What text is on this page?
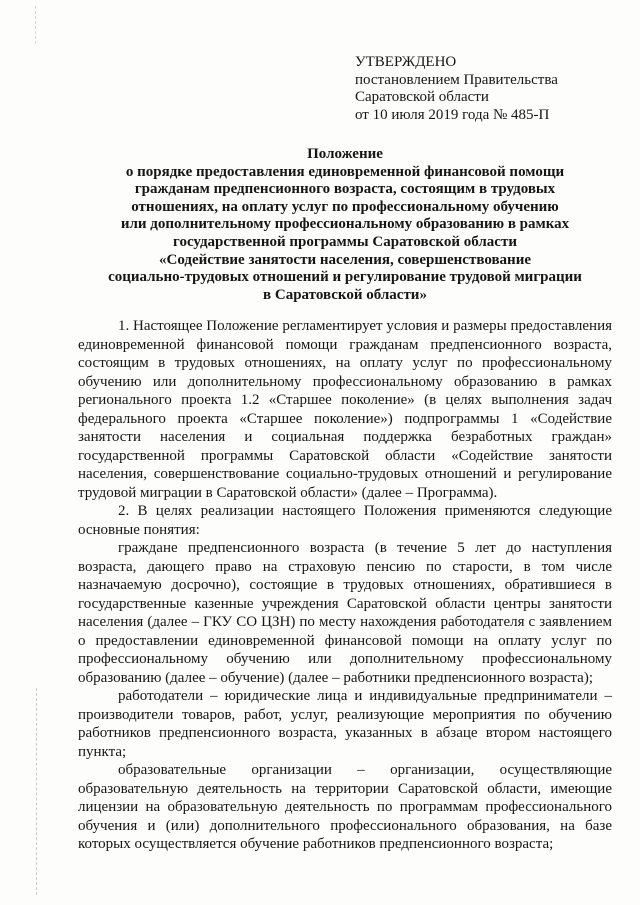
УТВЕРЖДЕНО
постановлением Правительства
Саратовской области
от 10 июля 2019 года № 485-П
Положение
о порядке предоставления единовременной финансовой помощи
гражданам предпенсионного возраста, состоящим в трудовых
отношениях, на оплату услуг по профессиональному обучению
или дополнительному профессиональному образованию в рамках
государственной программы Саратовской области
«Содействие занятости населения, совершенствование
социально-трудовых отношений и регулирование трудовой миграции
в Саратовской области»

1. Настоящее Положение регламентирует условия и размеры предоставления единовременной финансовой помощи гражданам предпенсионного возраста, состоящим в трудовых отношениях, на оплату услуг по профессиональному обучению или дополнительному профессиональному образованию в рамках регионального проекта 1.2 «Старшее поколение» (в целях выполнения задач федерального проекта «Старшее поколение») подпрограммы 1 «Содействие занятости населения и социальная поддержка безработных граждан» государственной программы Саратовской области «Содействие занятости населения, совершенствование социально-трудовых отношений и регулирование трудовой миграции в Саратовской области» (далее – Программа).

2. В целях реализации настоящего Положения применяются следующие основные понятия:

граждане предпенсионного возраста (в течение 5 лет до наступления возраста, дающего право на страховую пенсию по старости, в том числе назначаемую досрочно), состоящие в трудовых отношениях, обратившиеся в государственные казенные учреждения Саратовской области центры занятости населения (далее – ГКУ СО ЦЗН) по месту нахождения работодателя с заявлением о предоставлении единовременной финансовой помощи на оплату услуг по профессиональному обучению или дополнительному профессиональному образованию (далее – обучение) (далее – работники предпенсионного возраста);

работодатели – юридические лица и индивидуальные предприниматели – производители товаров, работ, услуг, реализующие мероприятия по обучению работников предпенсионного возраста, указанных в абзаце втором настоящего пункта;

образовательные организации – организации, осуществляющие образовательную деятельность на территории Саратовской области, имеющие лицензии на образовательную деятельность по программам профессионального обучения и (или) дополнительного профессионального образования, на базе которых осуществляется обучение работников предпенсионного возраста;
